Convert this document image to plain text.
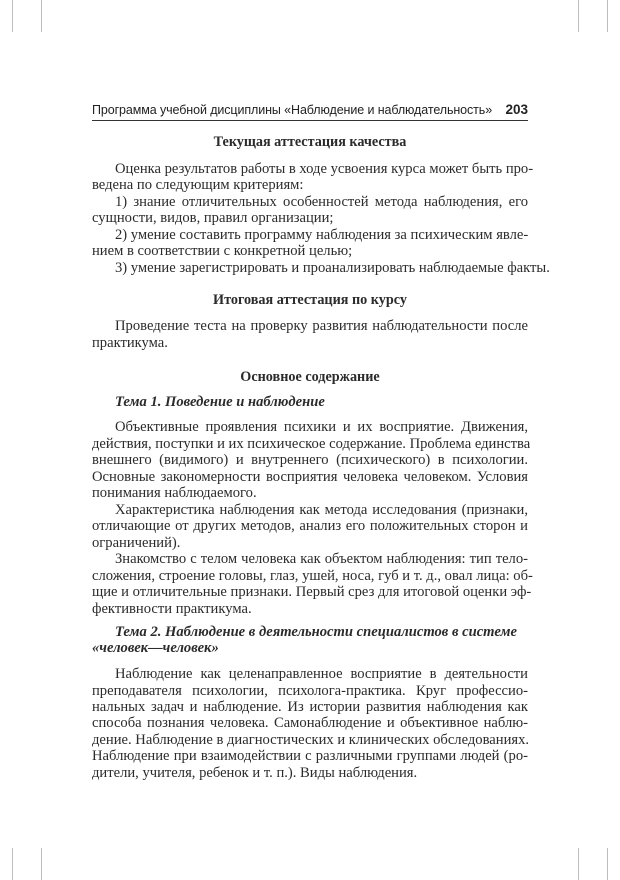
Программа учебной дисциплины «Наблюдение и наблюдательность» 203
Текущая аттестация качества
Оценка результатов работы в ходе усвоения курса может быть про-
ведена по следующим критериям:
1) знание отличительных особенностей метода наблюдения, его
сущности, видов, правил организации;
2) умение составить программу наблюдения за психическим явле-
нием в соответствии с конкретной целью;
3) умение зарегистрировать и проанализировать наблюдаемые факты.
Итоговая аттестация по курсу
Проведение теста на проверку развития наблюдательности после
практикума.
Основное содержание
Тема 1. Поведение и наблюдение
Объективные проявления психики и их восприятие. Движения,
действия, поступки и их психическое содержание. Проблема единства
внешнего (видимого) и внутреннего (психического) в психологии.
Основные закономерности восприятия человека человеком. Условия
понимания наблюдаемого.
Характеристика наблюдения как метода исследования (признаки,
отличающие от других методов, анализ его положительных сторон и
ограничений).
Знакомство с телом человека как объектом наблюдения: тип тело-
сложения, строение головы, глаз, ушей, носа, губ и т. д., овал лица: об-
щие и отличительные признаки. Первый срез для итоговой оценки эф-
фективности практикума.
Тема 2. Наблюдение в деятельности специалистов в системе
«человек—человек»
Наблюдение как целенаправленное восприятие в деятельности
преподавателя психологии, психолога-практика. Круг профессио-
нальных задач и наблюдение. Из истории развития наблюдения как
способа познания человека. Самонаблюдение и объективное наблю-
дение. Наблюдение в диагностических и клинических обследованиях.
Наблюдение при взаимодействии с различными группами людей (ро-
дители, учителя, ребенок и т. п.). Виды наблюдения.
